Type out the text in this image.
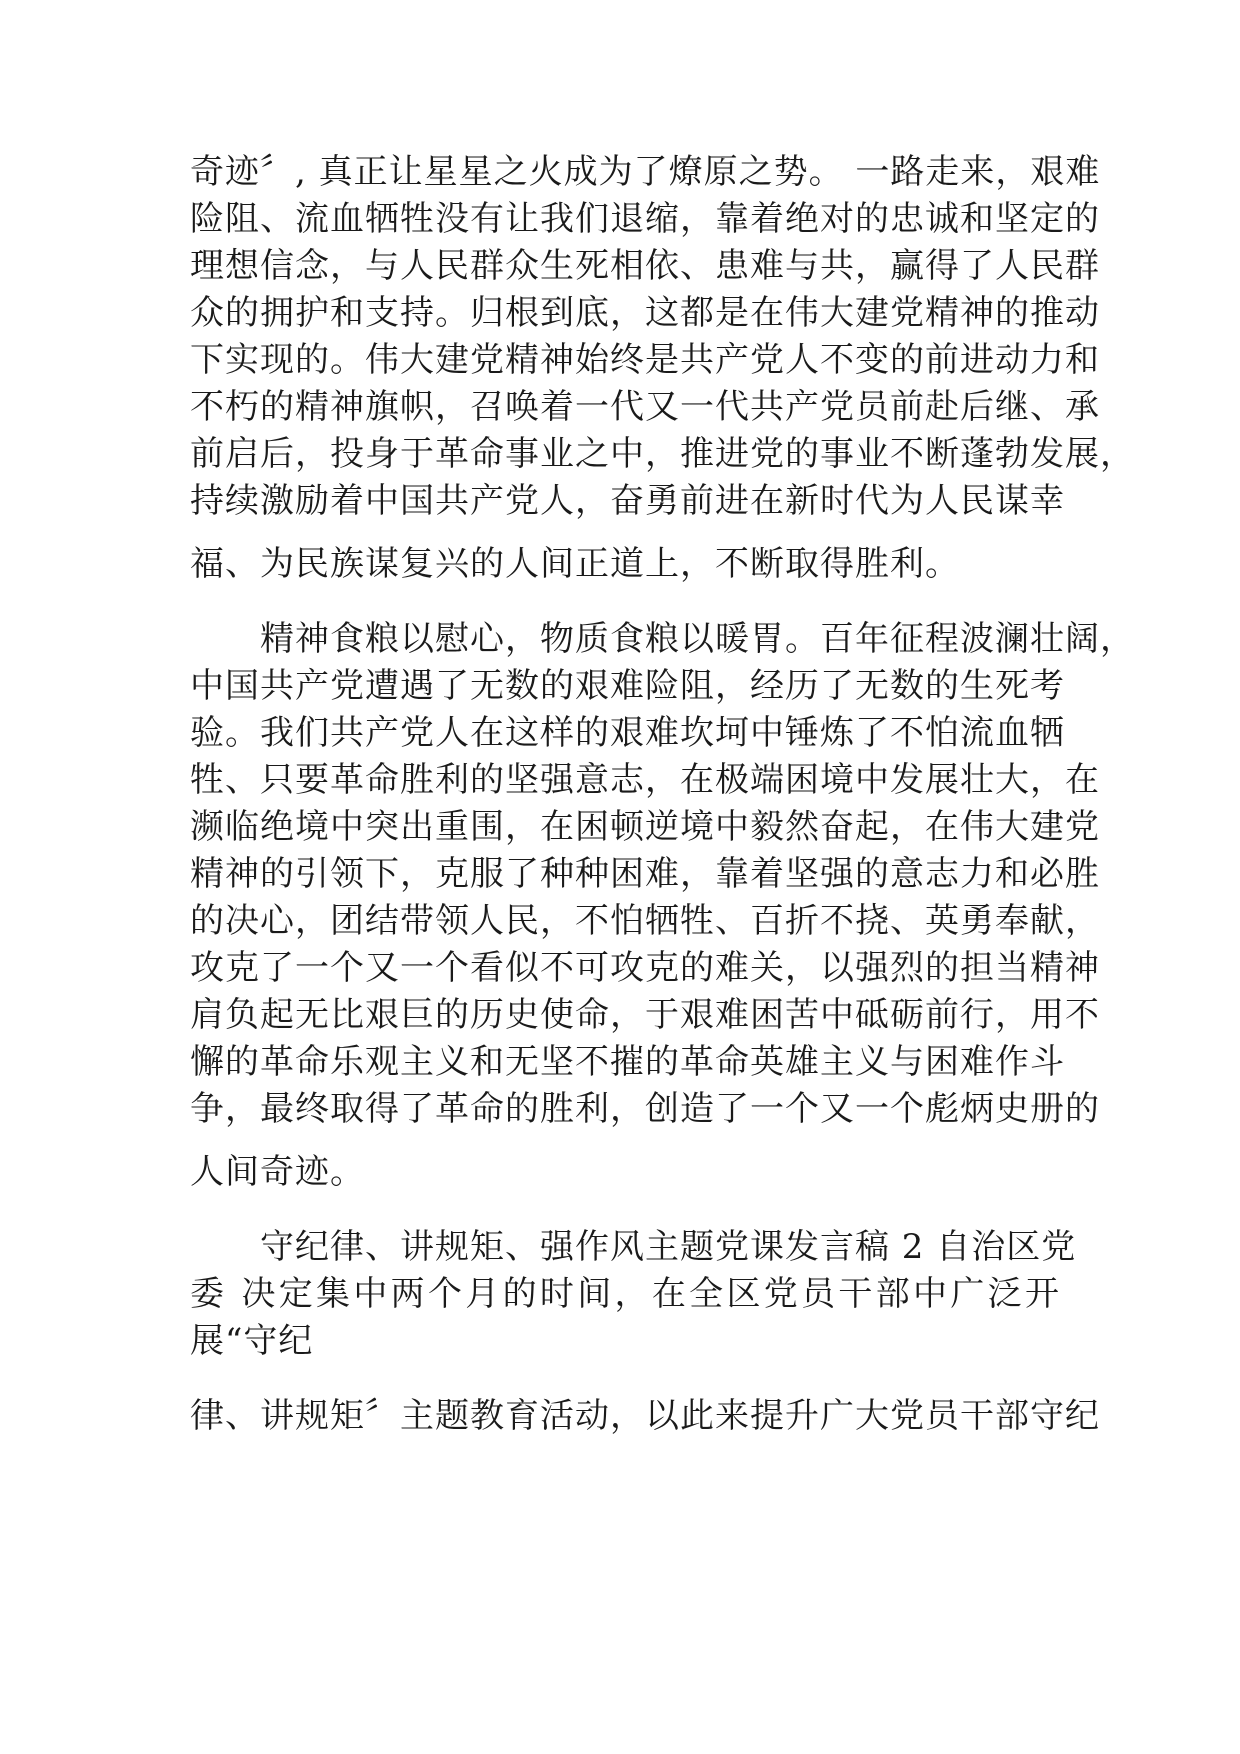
奇迹〞, 真正让星星之火成为了燎原之势。 一路走来，艰难
险阻、流血牺牲没有让我们退缩，靠着绝对的忠诚和坚定的
理想信念，与人民群众生死相依、患难与共，赢得了人民群
众的拥护和支持。归根到底，这都是在伟大建党精神的推动
下实现的。伟大建党精神始终是共产党人不变的前进动力和
不朽的精神旗帜，召唤着一代又一代共产党员前赴后继、承
前启后，投身于革命事业之中，推进党的事业不断蓬勃发展，
持续激励着中国共产党人，奋勇前进在新时代为人民谋幸
福、为民族谋复兴的人间正道上，不断取得胜利。
精神食粮以慰心，物质食粮以暖胃。百年征程波澜壮阔，
中国共产党遭遇了无数的艰难险阻，经历了无数的生死考
验。我们共产党人在这样的艰难坎坷中锤炼了不怕流血牺
牲、只要革命胜利的坚强意志，在极端困境中发展壮大，在
濒临绝境中突出重围，在困顿逆境中毅然奋起，在伟大建党
精神的引领下，克服了种种困难，靠着坚强的意志力和必胜
的决心，团结带领人民，不怕牺牲、百折不挠、英勇奉献，
攻克了一个又一个看似不可攻克的难关，以强烈的担当精神
肩负起无比艰巨的历史使命，于艰难困苦中砥砺前行，用不
懈的革命乐观主义和无坚不摧的革命英雄主义与困难作斗
争，最终取得了革命的胜利，创造了一个又一个彪炳史册的
人间奇迹。
守纪律、讲规矩、强作风主题党课发言稿 2 自治区党
委 决定集中两个月的时间，在全区党员干部中广泛开
展“守纪
律、讲规矩〞主题教育活动，以此来提升广大党员干部守纪
